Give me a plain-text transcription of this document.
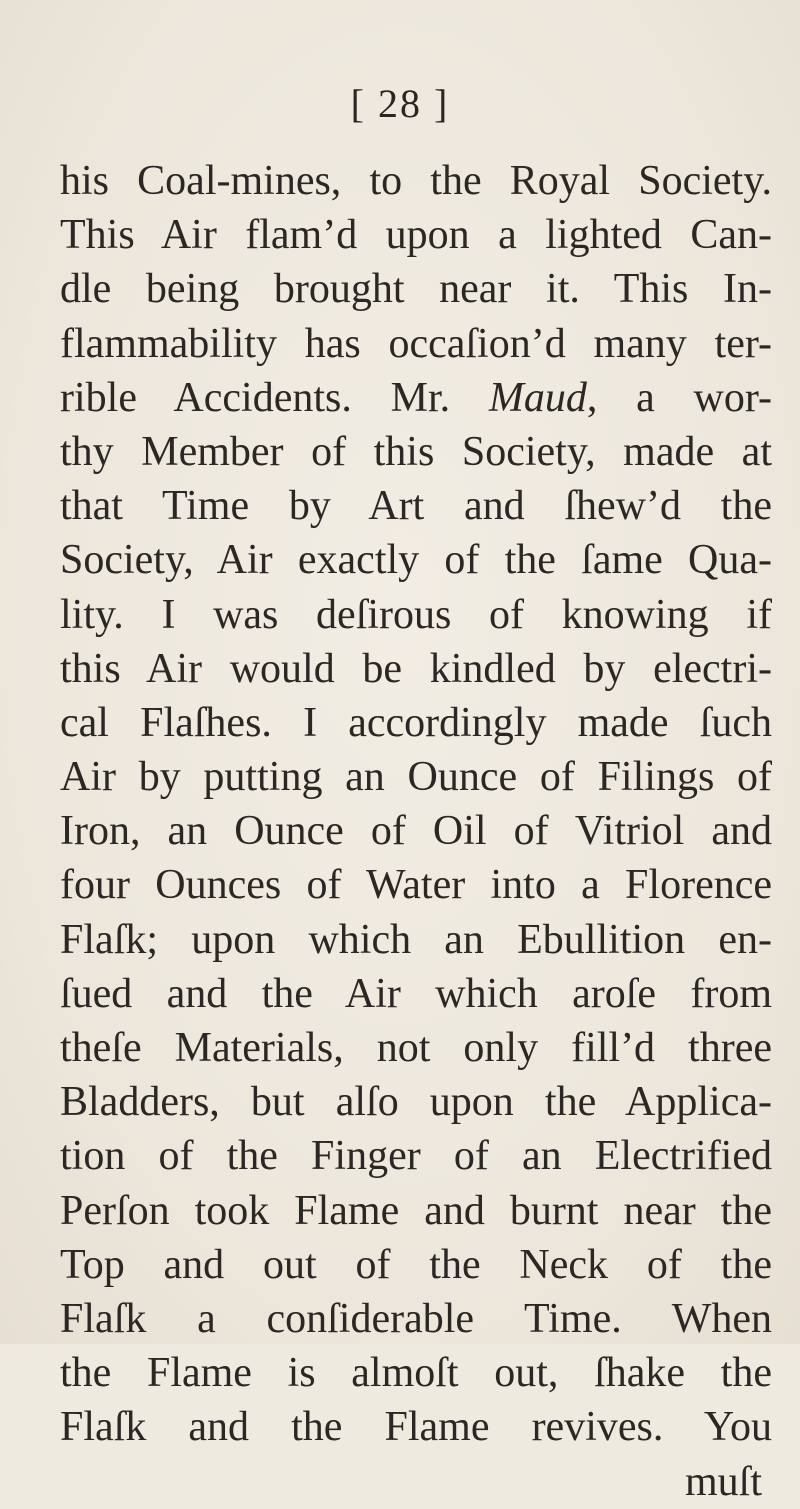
[ 28 ]
his Coal-mines, to the Royal Society.
This Air flam’d upon a lighted Can-
dle being brought near it. This In-
flammability has occaſion’d many ter-
rible Accidents. Mr. Maud, a wor-
thy Member of this Society, made at
that Time by Art and ſhew’d the
Society, Air exactly of the ſame Qua-
lity. I was deſirous of knowing if
this Air would be kindled by electri-
cal Flaſhes. I accordingly made ſuch
Air by putting an Ounce of Filings of
Iron, an Ounce of Oil of Vitriol and
four Ounces of Water into a Florence
Flaſk; upon which an Ebullition en-
ſued and the Air which aroſe from
theſe Materials, not only fill’d three
Bladders, but alſo upon the Applica-
tion of the Finger of an Electrified
Perſon took Flame and burnt near the
Top and out of the Neck of the
Flaſk a conſiderable Time. When
the Flame is almoſt out, ſhake the
Flaſk and the Flame revives. You
muſt
